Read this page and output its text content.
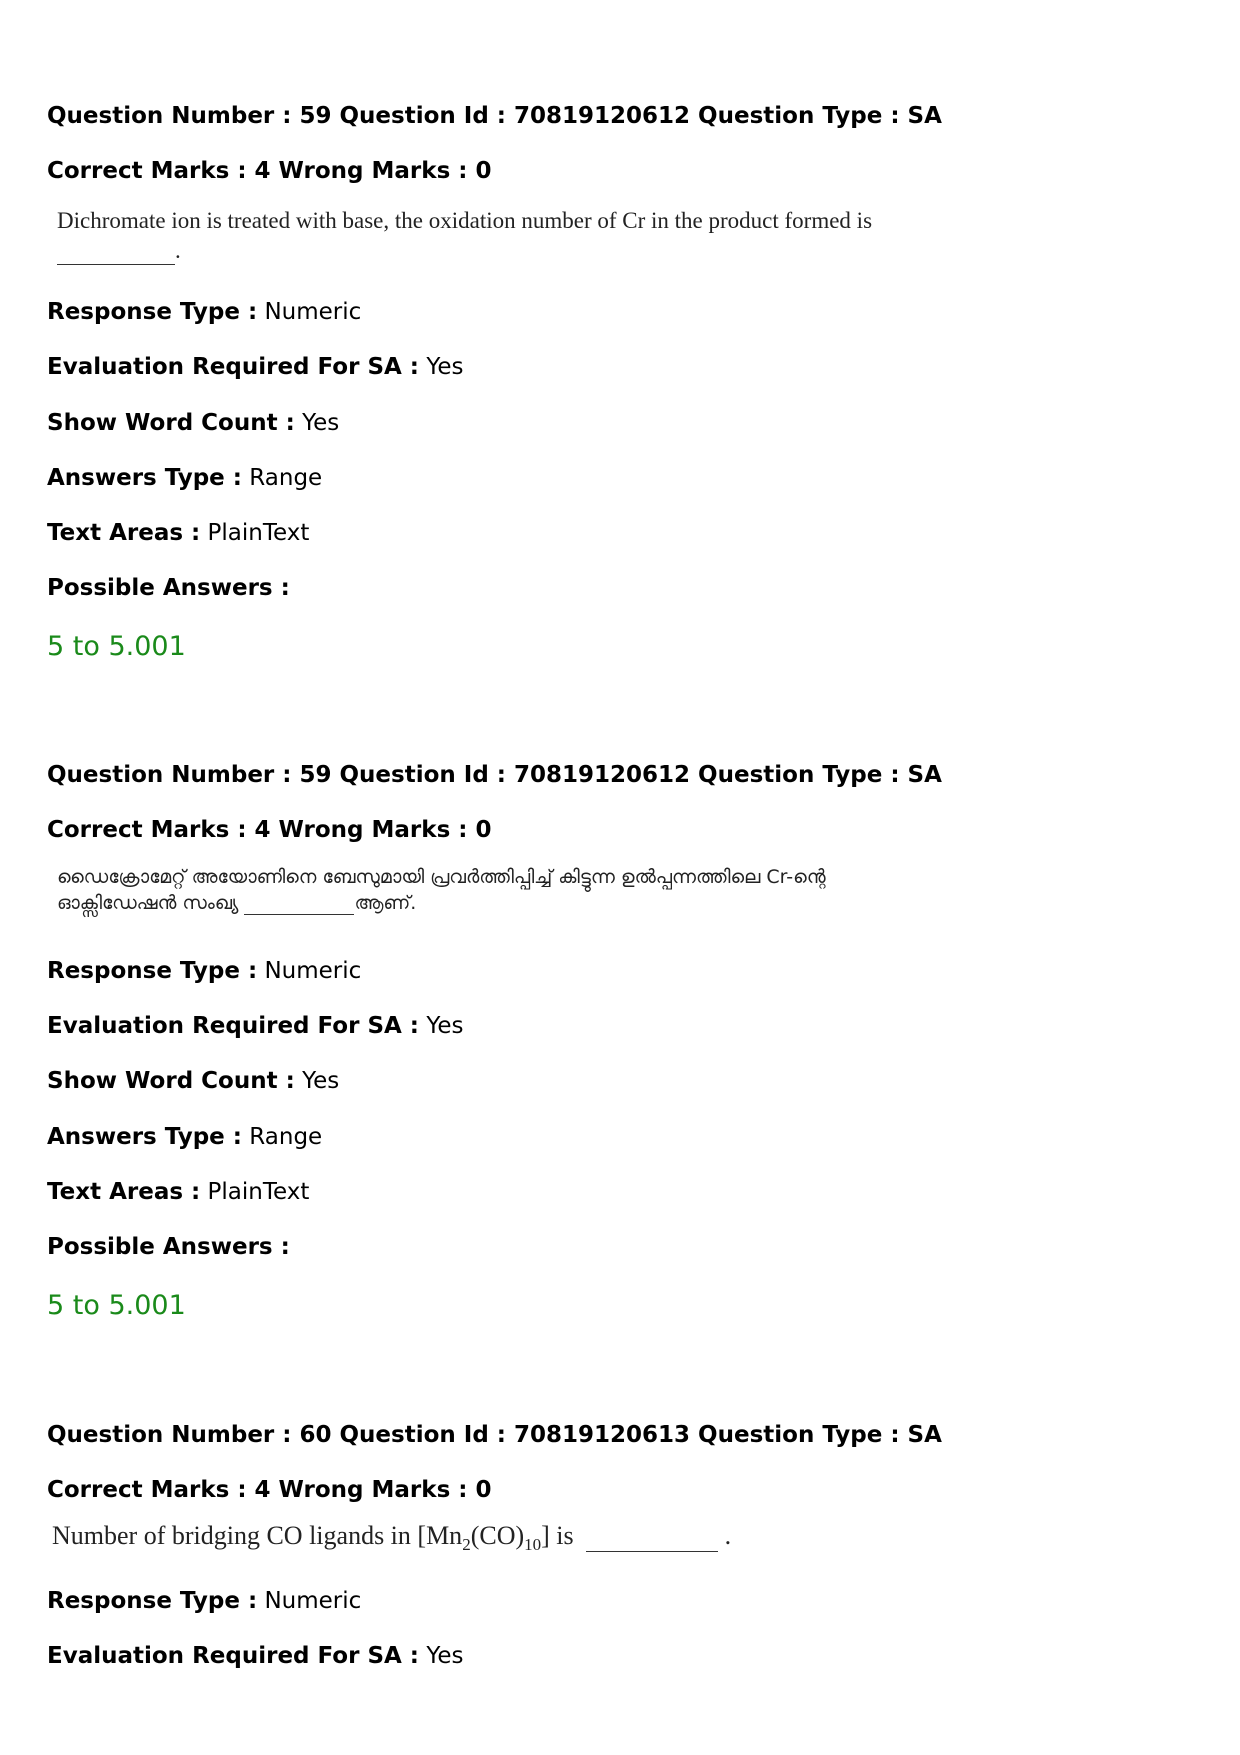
Question Number : 59 Question Id : 70819120612 Question Type : SA
Correct Marks : 4 Wrong Marks : 0
Dichromate ion is treated with base, the oxidation number of Cr in the product formed is
.
Response Type : Numeric
Evaluation Required For SA : Yes
Show Word Count : Yes
Answers Type : Range
Text Areas : PlainText
Possible Answers :
5 to 5.001
Question Number : 59 Question Id : 70819120612 Question Type : SA
Correct Marks : 4 Wrong Marks : 0
ഡൈക്രോമേറ്റ് അയോണിനെ ബേസുമായി പ്രവർത്തിപ്പിച്ച് കിട്ടുന്ന ഉൽപ്പന്നത്തിലെ Cr-ന്റെ
ഓക്സിഡേഷൻ സംഖ്യ	ആണ്.
Response Type : Numeric
Evaluation Required For SA : Yes
Show Word Count : Yes
Answers Type : Range
Text Areas : PlainText
Possible Answers :
5 to 5.001
Question Number : 60 Question Id : 70819120613 Question Type : SA
Correct Marks : 4 Wrong Marks : 0
Number of bridging CO ligands in $[Mn_2(CO)_{10}]$ is	.
Response Type : Numeric
Evaluation Required For SA : Yes
